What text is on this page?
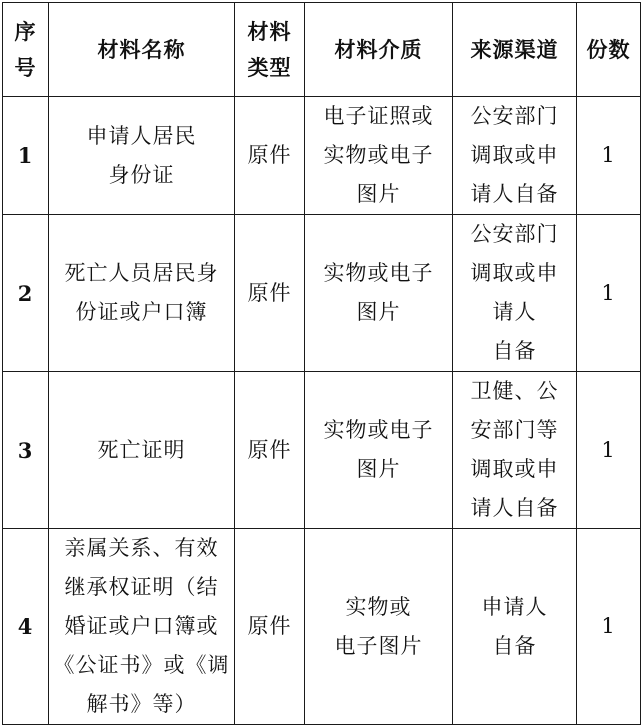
序
号	材料名称	材料
类型	材料介质	来源渠道	份数
1	申请人居民
身份证	原件	电子证照或
实物或电子
图片	公安部门
调取或申
请人自备	1
2	死亡人员居民身
份证或户口簿	原件	实物或电子
图片	公安部门
调取或申
请人
自备	1
3	死亡证明	原件	实物或电子
图片	卫健、公
安部门等
调取或申
请人自备	1
4	亲属关系、有效
继承权证明（结
婚证或户口簿或
《公证书》或《调
解书》等）	原件	实物或
电子图片	申请人
自备	1
